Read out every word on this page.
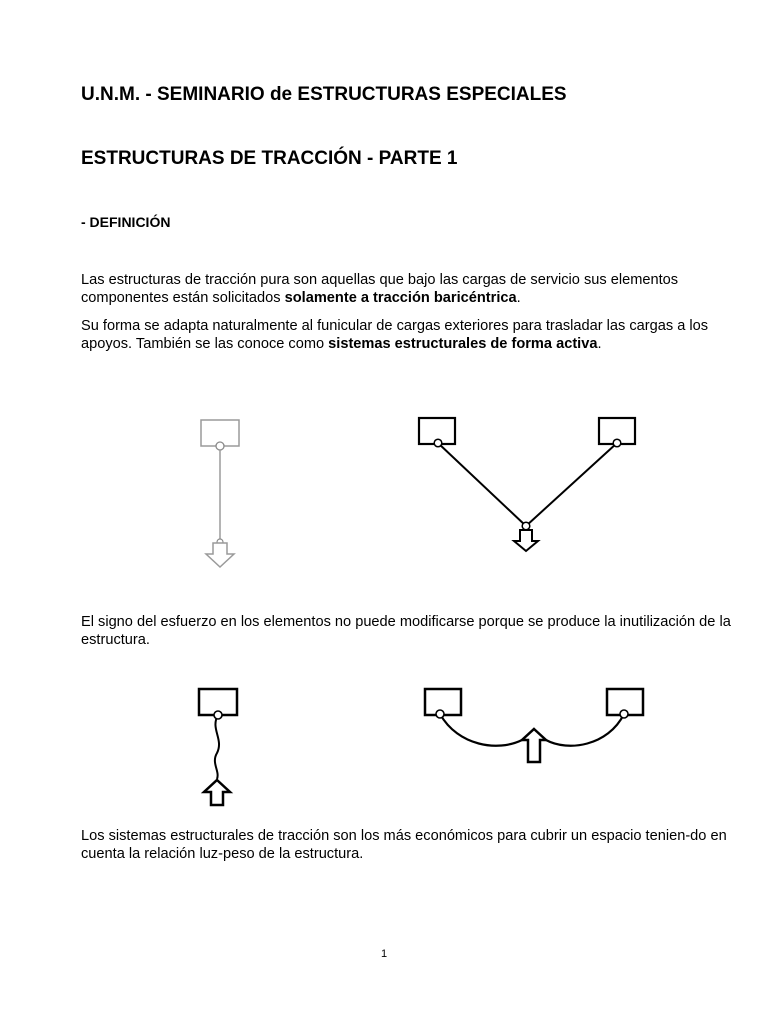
U.N.M. - SEMINARIO de ESTRUCTURAS ESPECIALES
ESTRUCTURAS DE TRACCIÓN - PARTE 1
- DEFINICIÓN

Las estructuras de tracción pura son aquellas que bajo las cargas de servicio sus elementos componentes están solicitados solamente a tracción baricéntrica.

Su forma se adapta naturalmente al funicular de cargas exteriores para trasladar las cargas a los apoyos. También se las conoce como sistemas estructurales de forma activa.

El signo del esfuerzo en los elementos no puede modificarse porque se produce la inutilización de la estructura.

Los sistemas estructurales de tracción son los más económicos para cubrir un espacio tenien-do en cuenta la relación luz-peso de la estructura.

1
